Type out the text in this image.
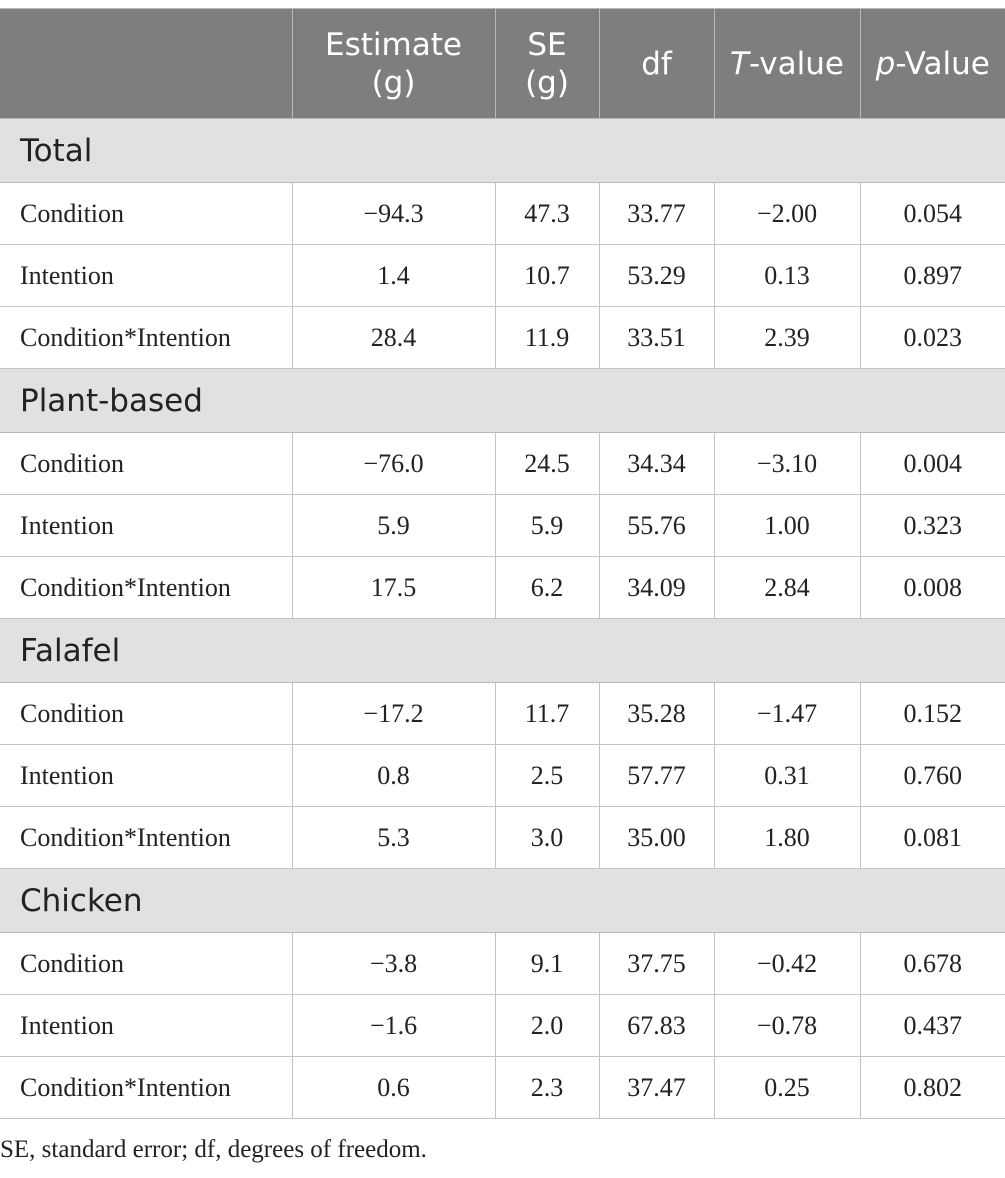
	Estimate (g)	SE (g)	df	T-value	p-Value
Total					
Condition	−94.3	47.3	33.77	−2.00	0.054
Intention	1.4	10.7	53.29	0.13	0.897
Condition*Intention	28.4	11.9	33.51	2.39	0.023
Plant-based					
Condition	−76.0	24.5	34.34	−3.10	0.004
Intention	5.9	5.9	55.76	1.00	0.323
Condition*Intention	17.5	6.2	34.09	2.84	0.008
Falafel					
Condition	−17.2	11.7	35.28	−1.47	0.152
Intention	0.8	2.5	57.77	0.31	0.760
Condition*Intention	5.3	3.0	35.00	1.80	0.081
Chicken					
Condition	−3.8	9.1	37.75	−0.42	0.678
Intention	−1.6	2.0	67.83	−0.78	0.437
Condition*Intention	0.6	2.3	37.47	0.25	0.802
SE, standard error; df, degrees of freedom.
